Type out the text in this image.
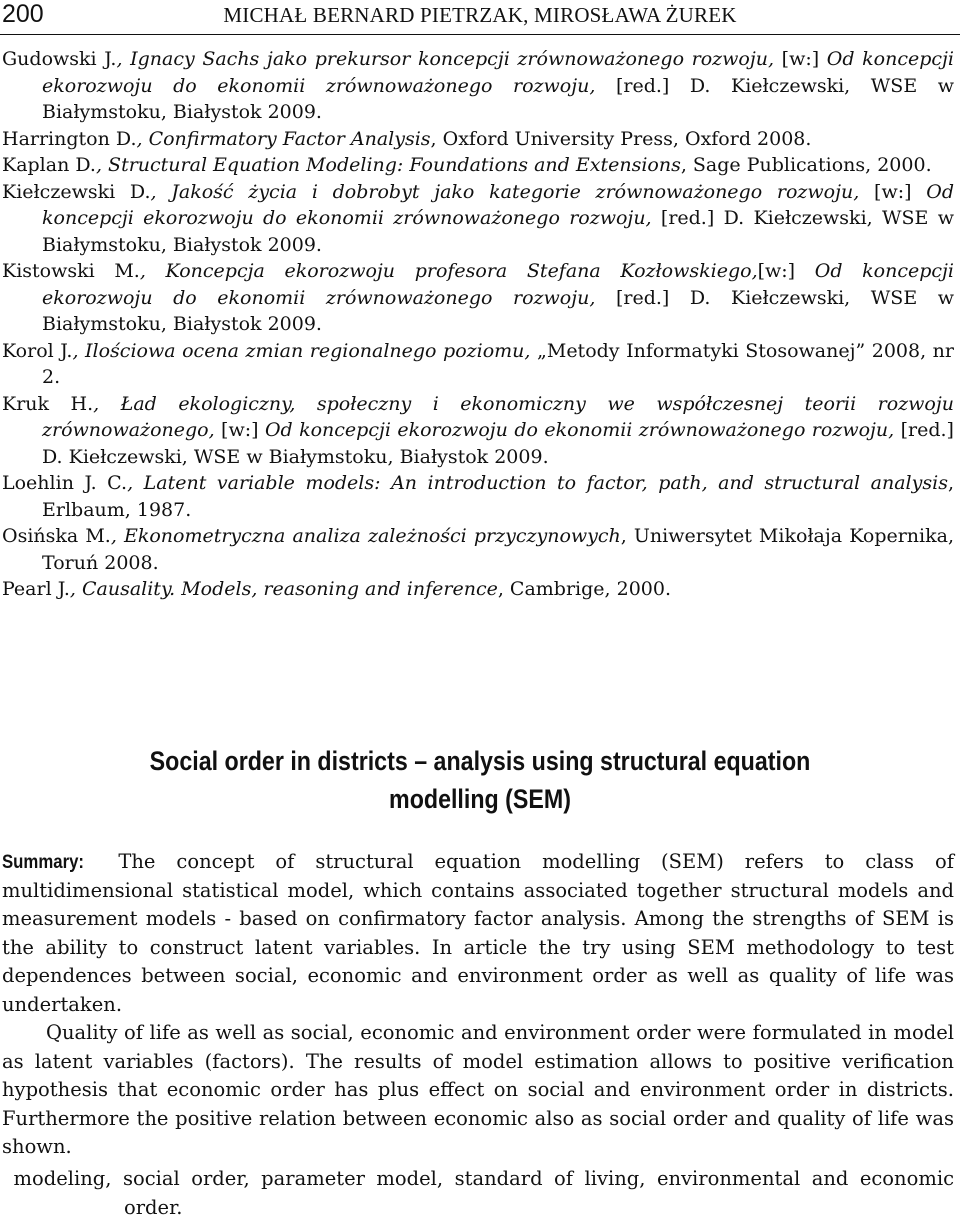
200	MICHAŁ BERNARD PIETRZAK, MIROSŁAWA ŻUREK
Gudowski J., Ignacy Sachs jako prekursor koncepcji zrównoważonego rozwoju, [w:] Od koncepcji ekorozwoju do ekonomii zrównoważonego rozwoju, [red.] D. Kiełczewski, WSE w Białymstoku, Białystok 2009.
Harrington D., Confirmatory Factor Analysis, Oxford University Press, Oxford 2008.
Kaplan D., Structural Equation Modeling: Foundations and Extensions, Sage Publications, 2000.
Kiełczewski D., Jakość życia i dobrobyt jako kategorie zrównoważonego rozwoju, [w:] Od koncepcji ekorozwoju do ekonomii zrównoważonego rozwoju, [red.] D. Kiełczewski, WSE w Białymstoku, Białystok 2009.
Kistowski M., Koncepcja ekorozwoju profesora Stefana Kozłowskiego,[w:] Od koncepcji ekorozwoju do ekonomii zrównoważonego rozwoju, [red.] D. Kiełczewski, WSE w Białymstoku, Białystok 2009.
Korol J., Ilościowa ocena zmian regionalnego poziomu, „Metody Informatyki Stosowanej” 2008, nr 2.
Kruk H., Ład ekologiczny, społeczny i ekonomiczny we współczesnej teorii rozwoju zrównoważonego, [w:] Od koncepcji ekorozwoju do ekonomii zrównoważonego rozwoju, [red.] D. Kiełczewski, WSE w Białymstoku, Białystok 2009.
Loehlin J. C., Latent variable models: An introduction to factor, path, and structural analysis, Erlbaum, 1987.
Osińska M., Ekonometryczna analiza zależności przyczynowych, Uniwersytet Mikołaja Kopernika, Toruń 2008.
Pearl J., Causality. Models, reasoning and inference, Cambrige, 2000.
Social order in districts – analysis using structural equation
modelling (SEM)

Summary: The concept of structural equation modelling (SEM) refers to class of multidimensional statistical model, which contains associated together structural models and measurement models - based on confirmatory factor analysis. Among the strengths of SEM is the ability to construct latent variables. In article the try using SEM methodology to test dependences between social, economic and environment order as well as quality of life was undertaken.

Quality of life as well as social, economic and environment order were formulated in model as latent variables (factors). The results of model estimation allows to positive verification hypothesis that economic order has plus effect on social and environment order in districts. Furthermore the positive relation between economic also as social order and quality of life was shown.

modeling, social order, parameter model, standard of living, environmental and economic order.
